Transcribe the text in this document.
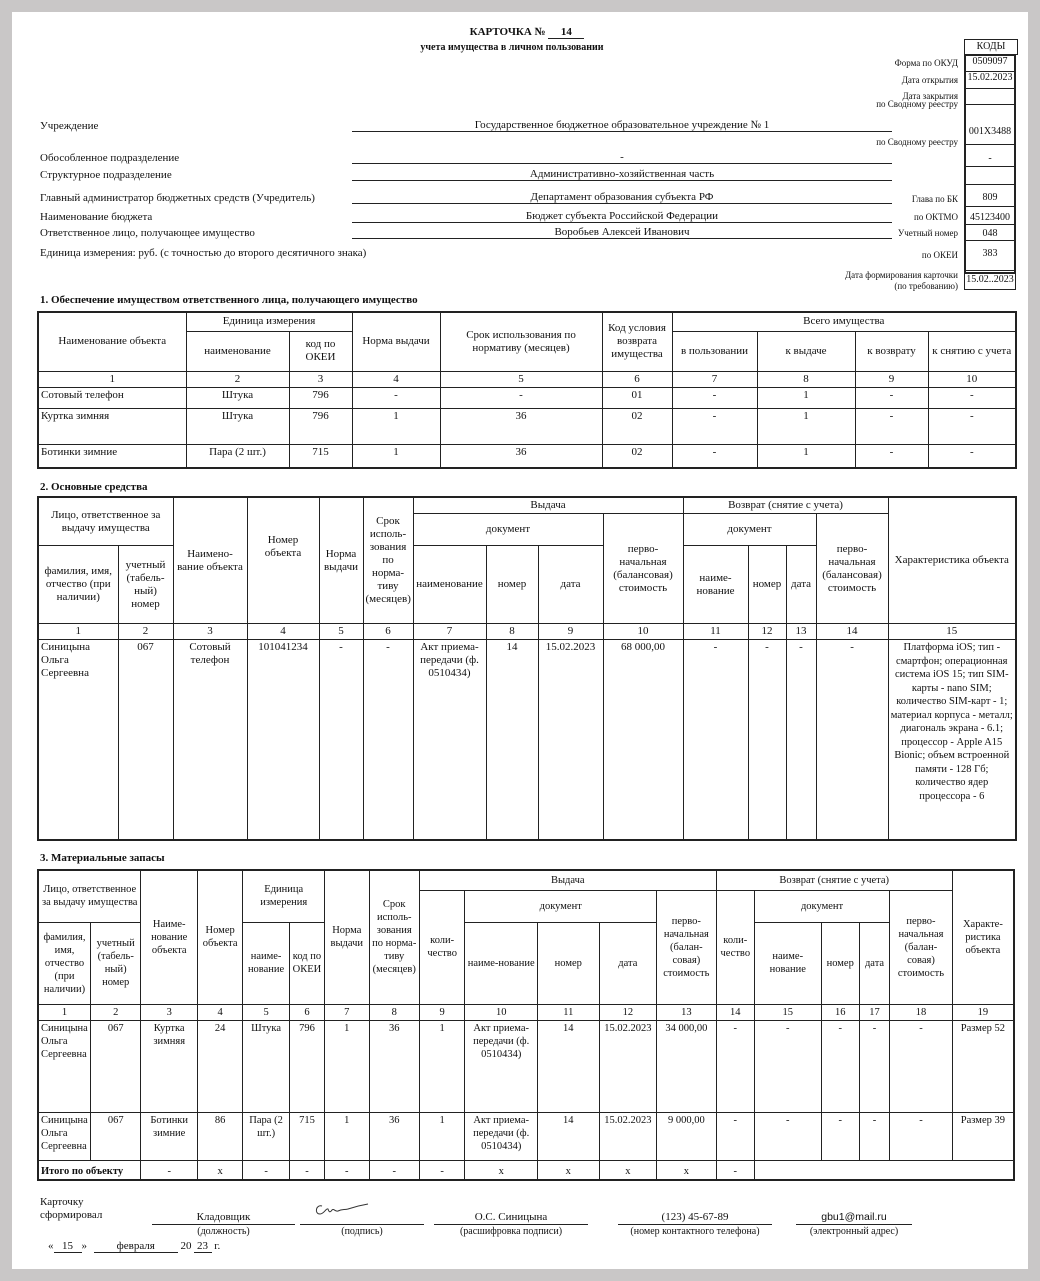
КАРТОЧКА № 14
учета имущества в личном пользовании	КОДЫ
Форма по ОКУД	0509097
Дата открытия 15.02.2023
Дата закрытия
по Сводному реестру
001X3488
по Сводному реестру
-
Глава по БК	809
по ОКТМО	45123400
Учетный номер	048
по ОКЕИ	383
Дата формирования карточки
(по требованию)
15.02..2023
Учреждение	Государственное бюджетное образовательное учреждение № 1
Обособленное подразделение	-
Структурное подразделение	Административно-хозяйственная часть
Главный администратор бюджетных средств (Учредитель)	Департамент образования субъекта РФ
Наименование бюджета	Бюджет субъекта Российской Федерации
Ответственное лицо, получающее имущество	Воробьев Алексей Иванович
Единица измерения: руб. (с точностью до второго десятичного знака)
1. Обеспечение имуществом ответственного лица, получающего имущество
Наименование объекта	Единица измерения		Норма выдачи	Срок использования по нормативу (месяцев)	Код условия возврата имущества	Всего имущества			
	наименование	код по ОКЕИ				в пользовании	к выдаче	к возврату	к снятию с учета
1	2	3	4	5	6	7	8	9	10
Сотовый телефон	Штука	796	-	-	01	-	1	-	-
Куртка зимняя	Штука	796	1	36	02	-	1	-	-
Ботинки зимние	Пара (2 шт.)	715	1	36	02	-	1	-	-
2. Основные средства
Лицо, ответственное за выдачу имущества		Наимено-вание объекта	Номер объекта	Норма выдачи	Срок исполь-зования по норма-тиву (месяцев)	Выдача				Возврат (снятие с учета)				Характеристика объекта
						документ			перво-начальная (балансовая) стоимость	документ			перво-начальная (балансовая) стоимость	
фамилия, имя, отчество (при наличии)	учетный (табель-ный) номер					наименование	номер	дата		наиме-нование	номер	дата		
1	2	3	4	5	6	7	8	9	10	11	12	13	14	15
Синицына Ольга Сергеевна	067	Сотовый телефон	101041234	-	-	Акт приема-передачи (ф. 0510434)	14	15.02.2023	68 000,00	-	-	-	-	Платформа iOS; тип - смартфон; операционная система iOS 15; тип SIM-карты - nano SIM; количество SIM-карт - 1; материал корпуса - металл; диагональ экрана - 6.1; процессор - Apple A15 Bionic; объем встроенной памяти - 128 Гб; количество ядер процессора - 6
3. Материальные запасы
Лицо, ответственное за выдачу имущества		Наиме-нование объекта	Номер объекта	Единица измерения		Норма выдачи	Срок исполь-зования по норма-тиву (месяцев)	Выдача					Возврат (снятие с учета)					Характе-ристика объекта
								коли-чество	документ			перво-начальная (балан-совая) стоимость	коли-чество	документ			перво-начальная (балан-совая) стоимость	
фамилия, имя, отчество (при наличии)	учетный (табель-ный) номер			наиме-нование	код по ОКЕИ				наиме-нование	номер	дата			наиме-нование	номер	дата		
1	2	3	4	5	6	7	8	9	10	11	12	13	14	15	16	17	18	19
Синицына Ольга Сергеевна	067	Куртка зимняя	24	Штука	796	1	36	1	Акт приема-передачи (ф. 0510434)	14	15.02.2023	34 000,00	-	-	-	-	-	Размер 52
Синицына Ольга Сергеевна	067	Ботинки зимние	86	Пара (2 шт.)	715	1	36	1	Акт приема-передачи (ф. 0510434)	14	15.02.2023	9 000,00	-	-	-	-	-	Размер 39
Итого по объекту		-	x	-	-	-	-	-	x	x	x	x	-					
Карточку сформировал	Кладовщик
(должность)	(подпись)
О.С. Синицына
(расшифровка подписи)
(123) 45-67-89
(номер контактного телефона)
gbu1@mail.ru
(электронный адрес)
« 15 » февраля 20 23 г.
